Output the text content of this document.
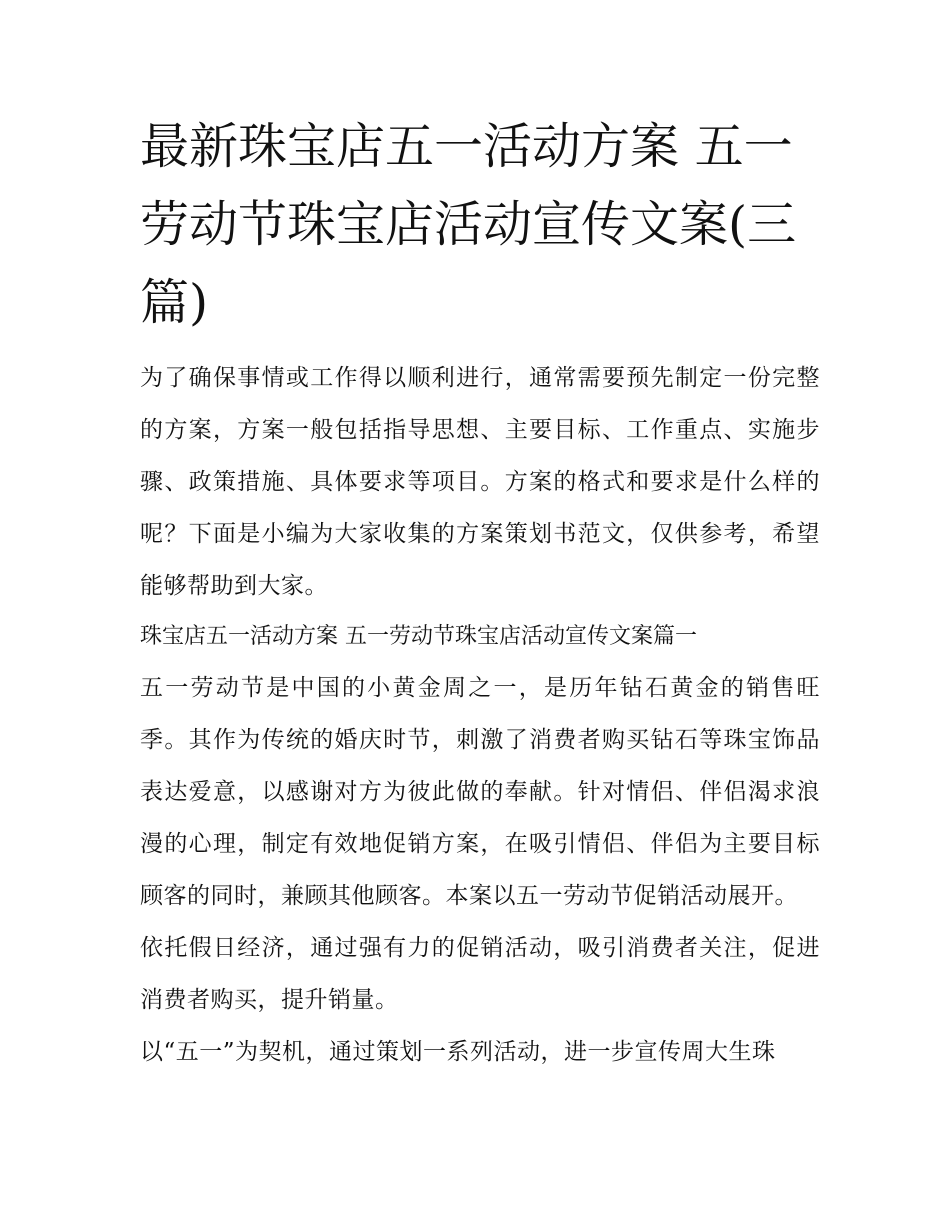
最新珠宝店五一活动方案 五一劳动节珠宝店活动宣传文案(三篇)

为了确保事情或工作得以顺利进行，通常需要预先制定一份完整的方案，方案一般包括指导思想、主要目标、工作重点、实施步骤、政策措施、具体要求等项目。方案的格式和要求是什么样的呢？下面是小编为大家收集的方案策划书范文，仅供参考，希望能够帮助到大家。

珠宝店五一活动方案 五一劳动节珠宝店活动宣传文案篇一

五一劳动节是中国的小黄金周之一，是历年钻石黄金的销售旺季。其作为传统的婚庆时节，刺激了消费者购买钻石等珠宝饰品表达爱意，以感谢对方为彼此做的奉献。针对情侣、伴侣渴求浪漫的心理，制定有效地促销方案，在吸引情侣、伴侣为主要目标顾客的同时，兼顾其他顾客。本案以五一劳动节促销活动展开。

依托假日经济，通过强有力的促销活动，吸引消费者关注，促进消费者购买，提升销量。

以“五一”为契机，通过策划一系列活动，进一步宣传周大生珠
